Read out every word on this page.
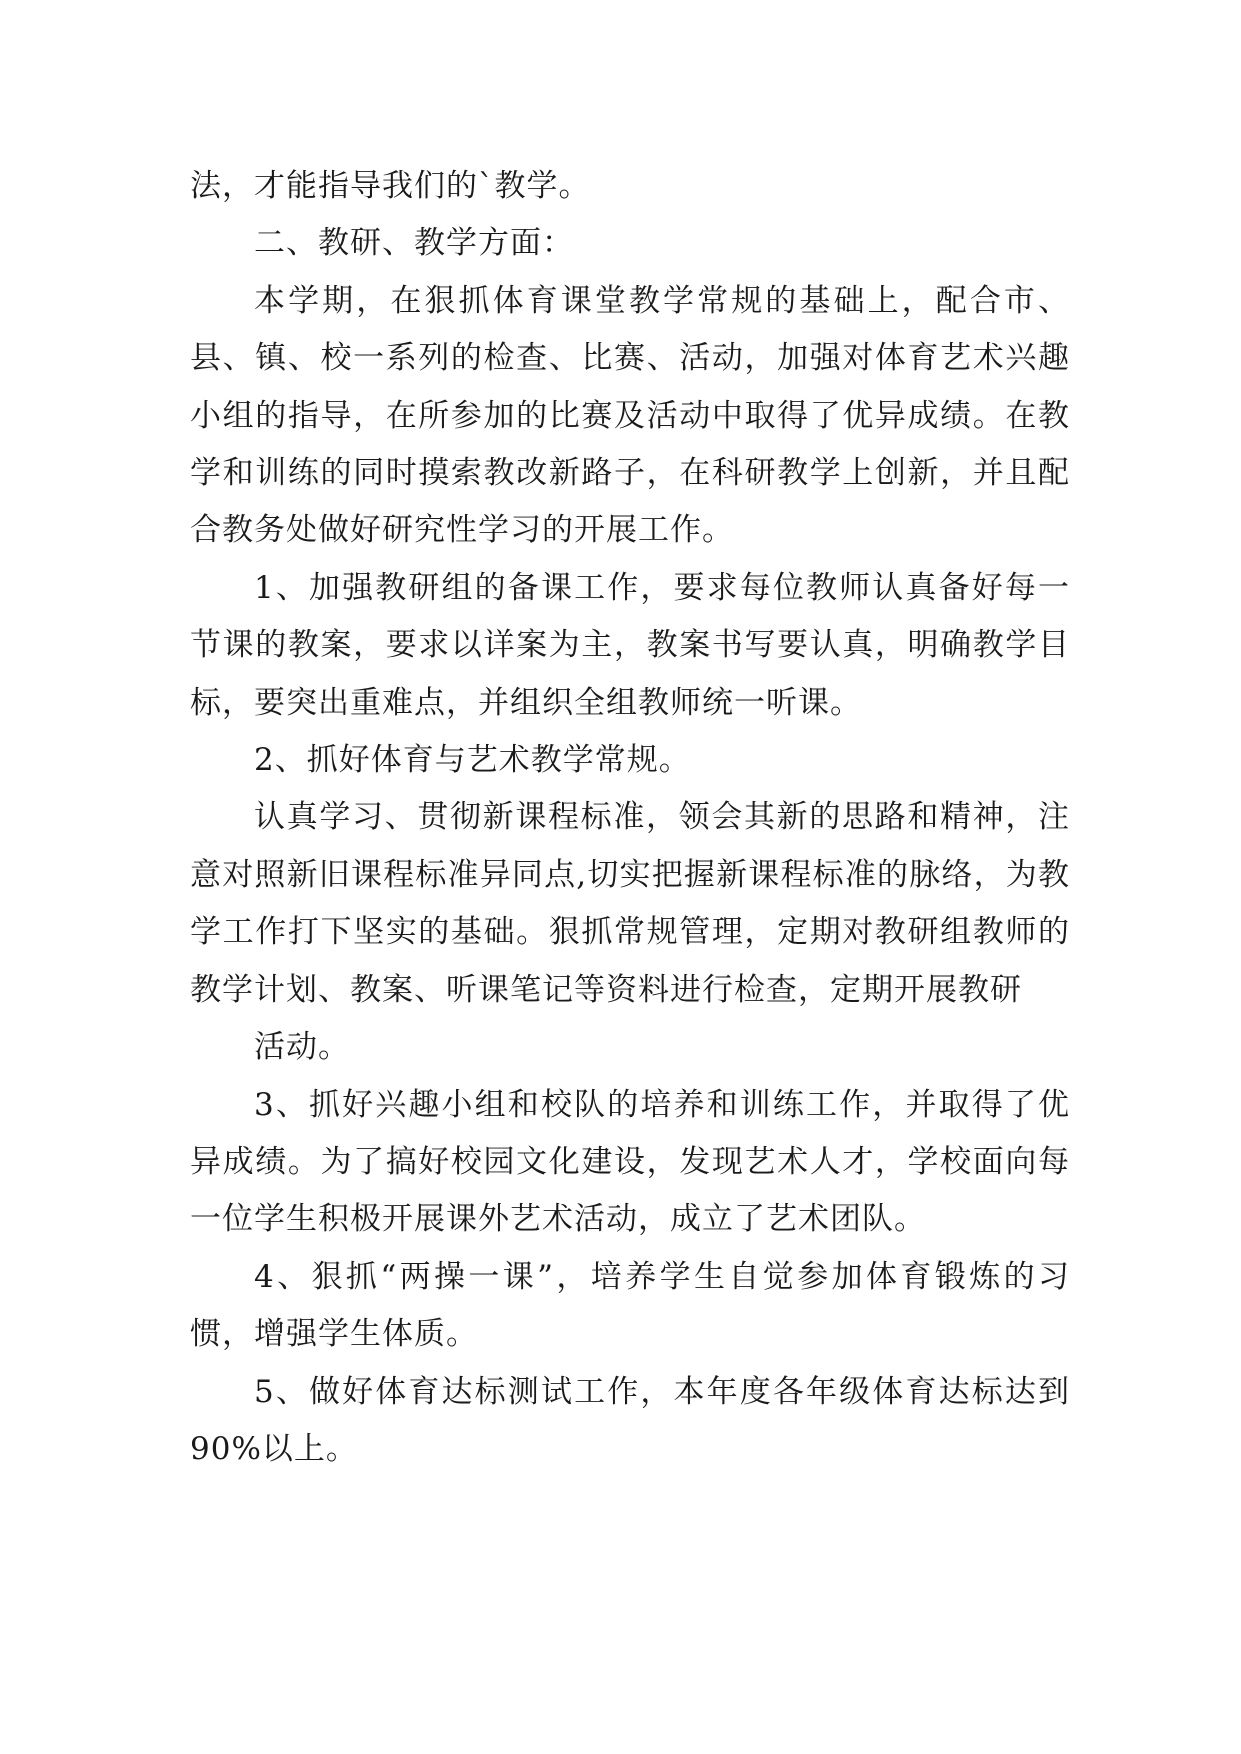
法，才能指导我们的`教学。

二、教研、教学方面：

本学期，在狠抓体育课堂教学常规的基础上，配合市、县、镇、校一系列的检查、比赛、活动，加强对体育艺术兴趣小组的指导，在所参加的比赛及活动中取得了优异成绩。在教学和训练的同时摸索教改新路子，在科研教学上创新，并且配合教务处做好研究性学习的开展工作。

1、加强教研组的备课工作，要求每位教师认真备好每一节课的教案，要求以详案为主，教案书写要认真，明确教学目标，要突出重难点，并组织全组教师统一听课。

2、抓好体育与艺术教学常规。

认真学习、贯彻新课程标准，领会其新的思路和精神，注意对照新旧课程标准异同点,切实把握新课程标准的脉络，为教学工作打下坚实的基础。狠抓常规管理，定期对教研组教师的教学计划、教案、听课笔记等资料进行检查，定期开展教研

活动。

3、抓好兴趣小组和校队的培养和训练工作，并取得了优异成绩。为了搞好校园文化建设，发现艺术人才，学校面向每一位学生积极开展课外艺术活动，成立了艺术团队。

4、狠抓“两操一课”，培养学生自觉参加体育锻炼的习惯，增强学生体质。

5、做好体育达标测试工作，本年度各年级体育达标达到 90%以上。
